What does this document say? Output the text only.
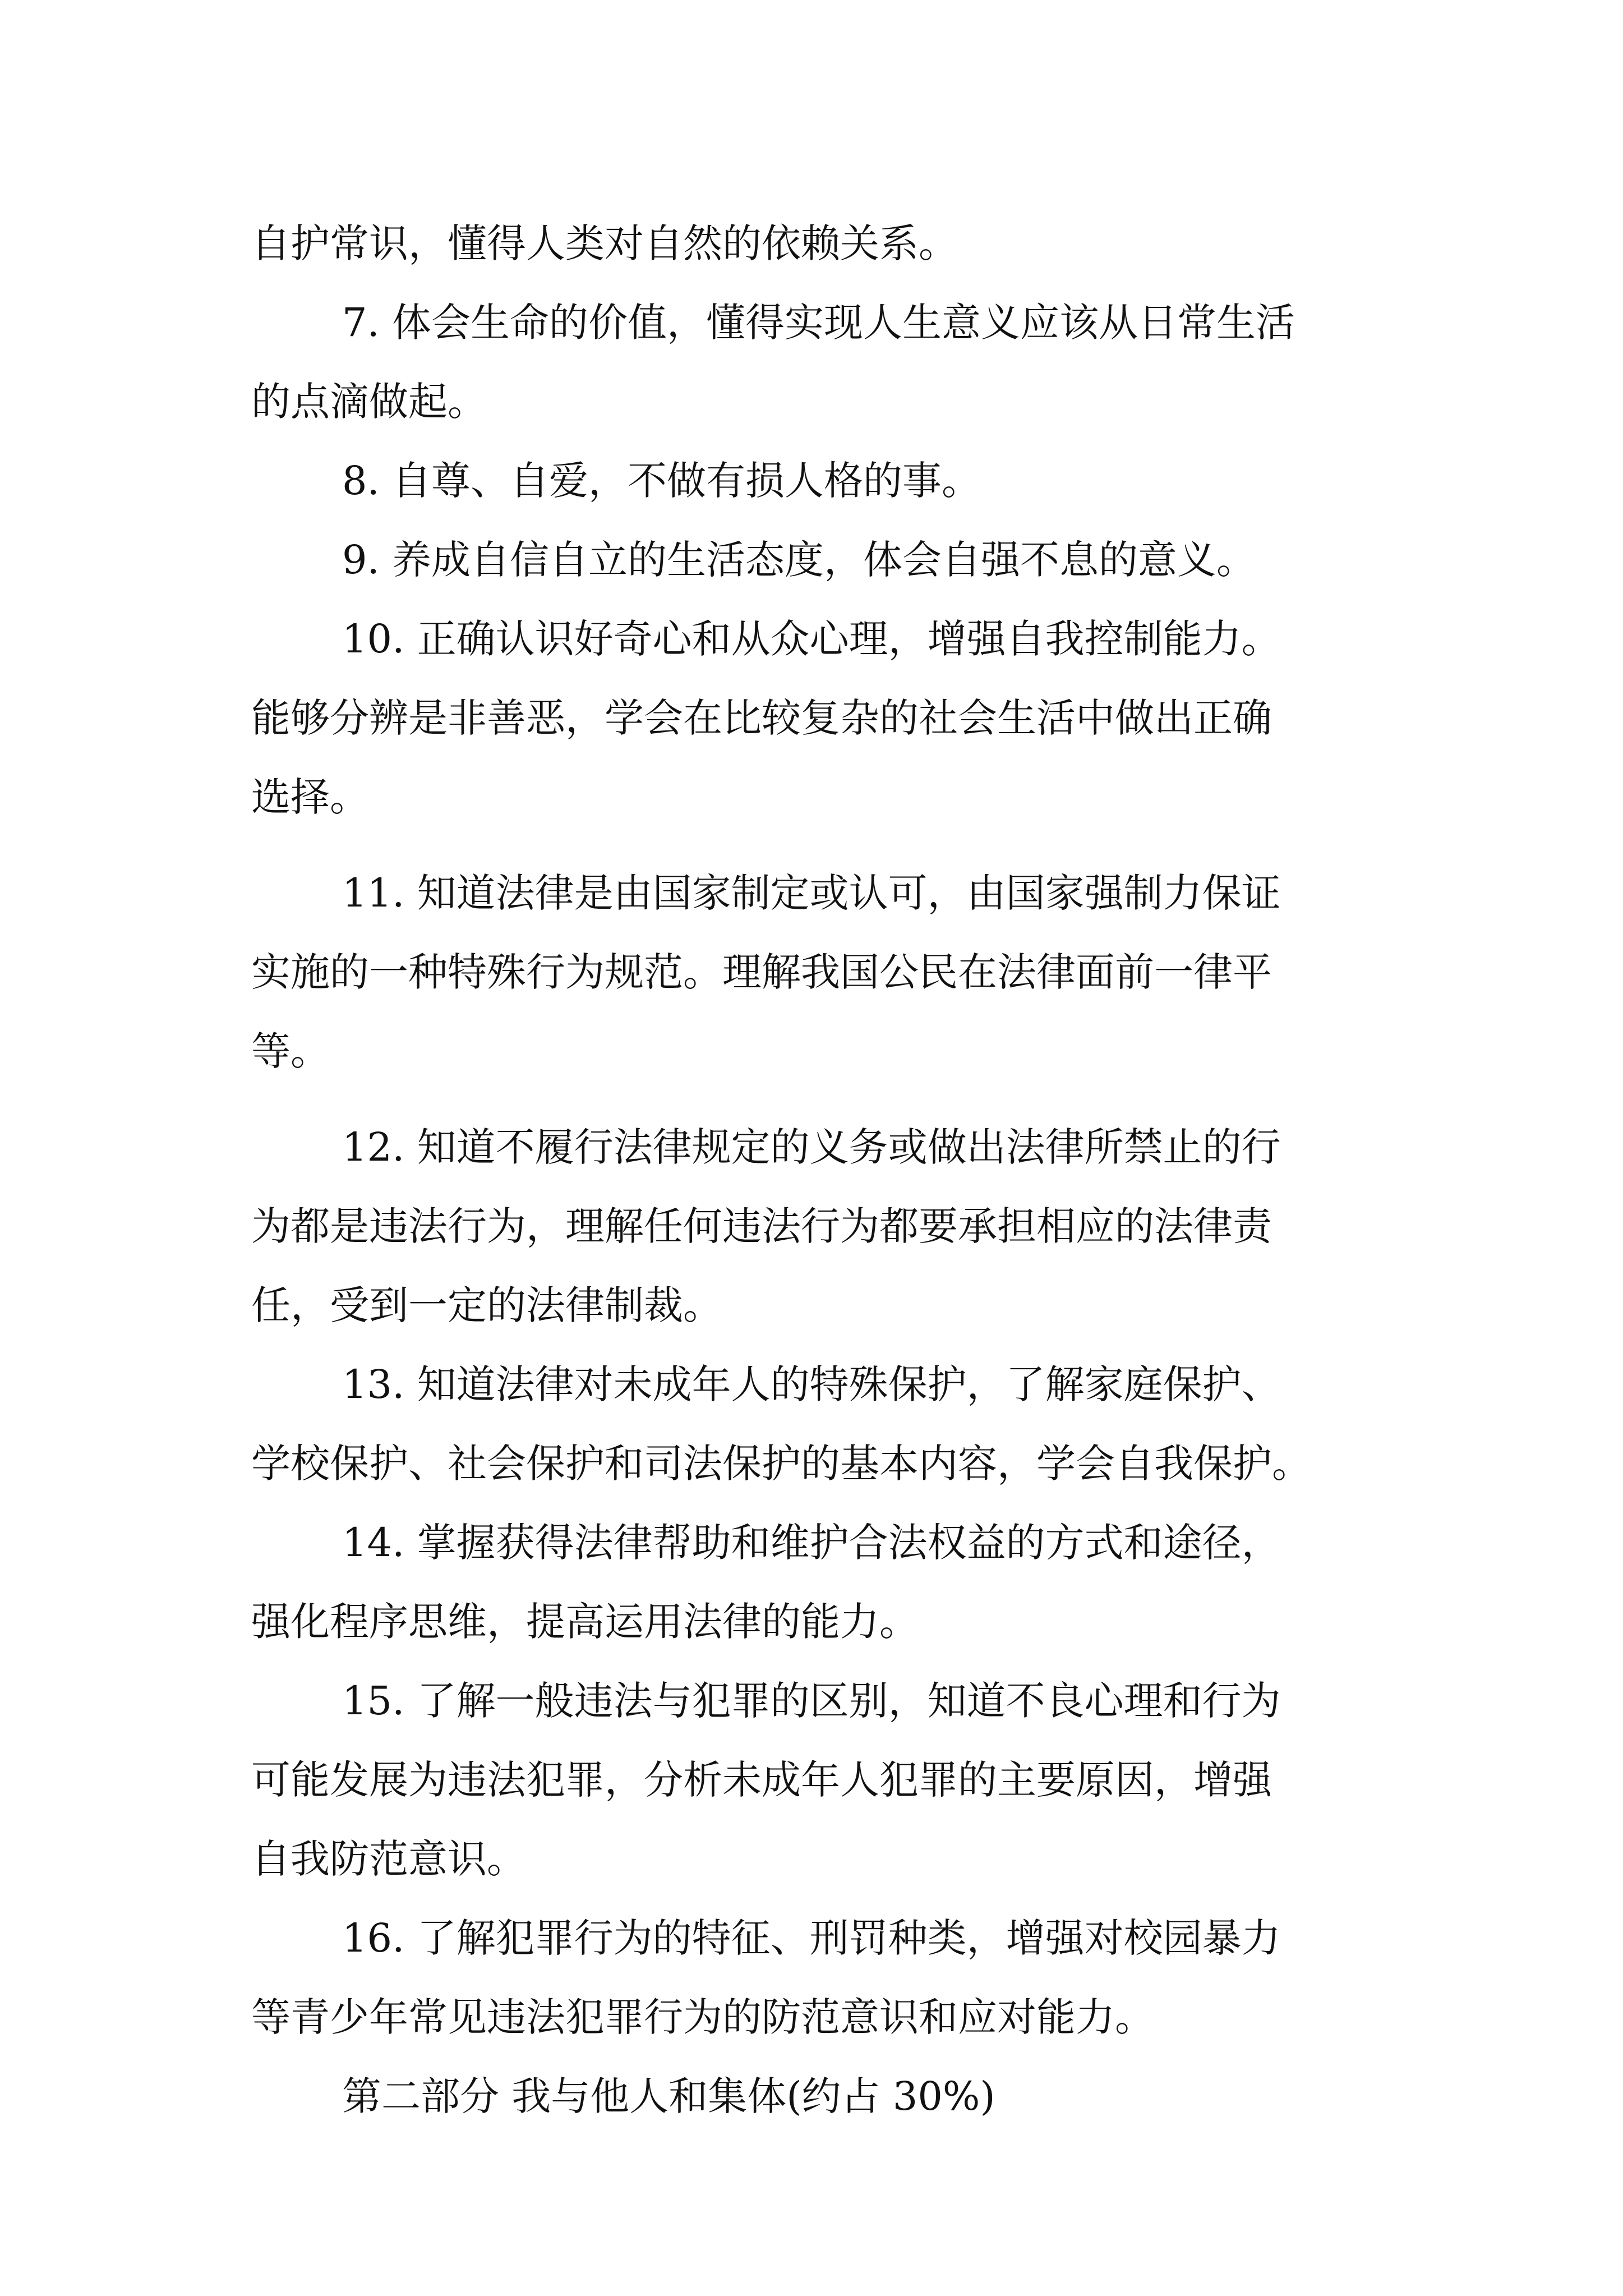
自护常识，懂得人类对自然的依赖关系。
7. 体会生命的价值，懂得实现人生意义应该从日常生活
的点滴做起。
8. 自尊、自爱，不做有损人格的事。
9. 养成自信自立的生活态度，体会自强不息的意义。
10. 正确认识好奇心和从众心理，增强自我控制能力。
能够分辨是非善恶，学会在比较复杂的社会生活中做出正确
选择。
11. 知道法律是由国家制定或认可，由国家强制力保证
实施的一种特殊行为规范。理解我国公民在法律面前一律平
等。
12. 知道不履行法律规定的义务或做出法律所禁止的行
为都是违法行为，理解任何违法行为都要承担相应的法律责
任，受到一定的法律制裁。
13. 知道法律对未成年人的特殊保护，了解家庭保护、
学校保护、社会保护和司法保护的基本内容，学会自我保护。
14. 掌握获得法律帮助和维护合法权益的方式和途径，
强化程序思维，提高运用法律的能力。
15. 了解一般违法与犯罪的区别，知道不良心理和行为
可能发展为违法犯罪，分析未成年人犯罪的主要原因，增强
自我防范意识。
16. 了解犯罪行为的特征、刑罚种类，增强对校园暴力
等青少年常见违法犯罪行为的防范意识和应对能力。
第二部分 我与他人和集体(约占 30%)
